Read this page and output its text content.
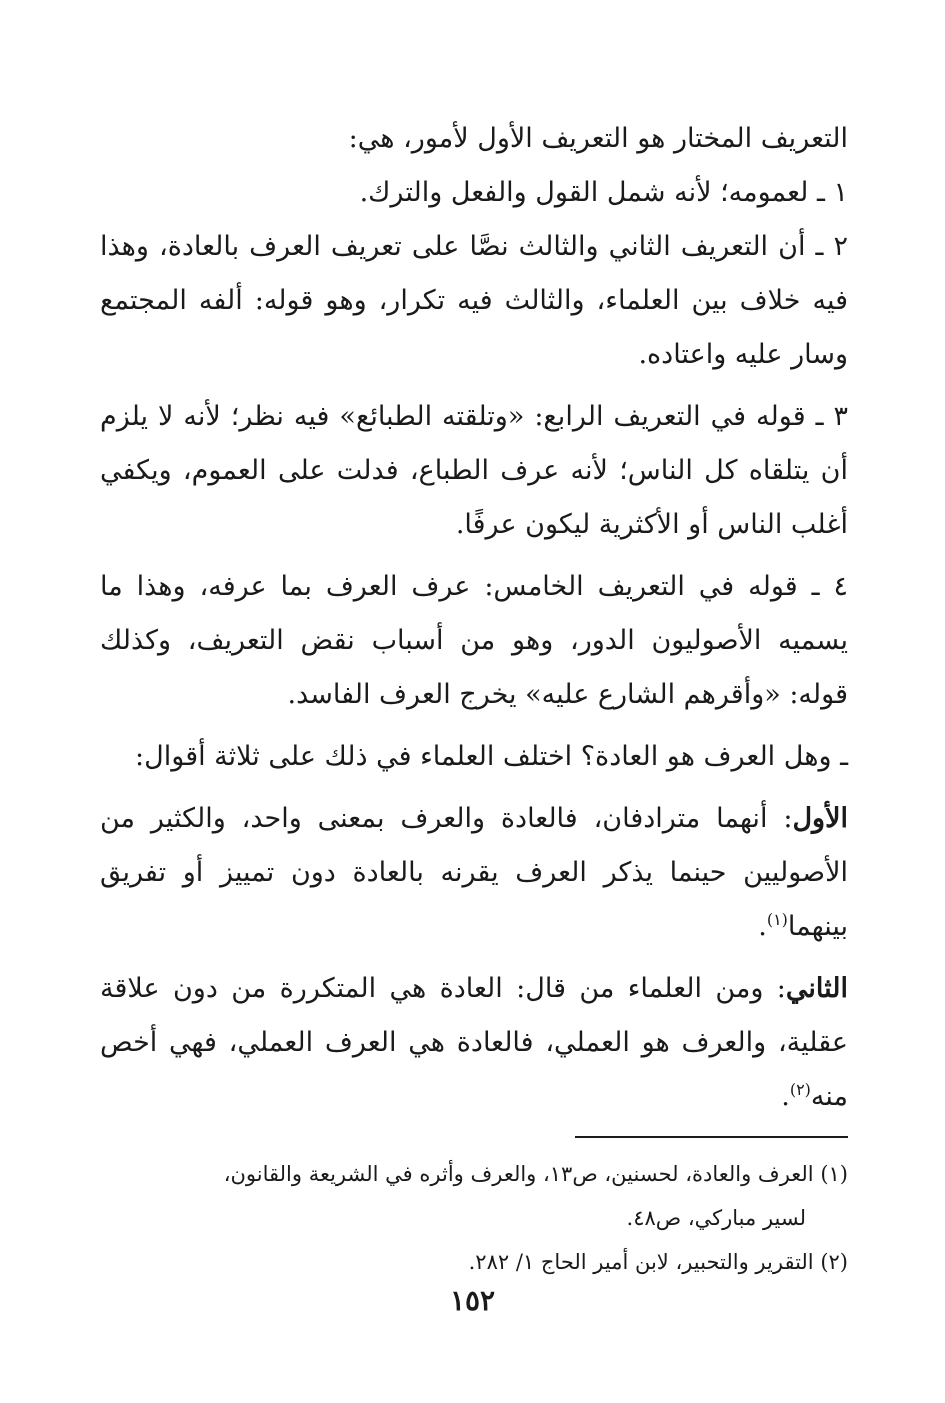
التعريف المختار هو التعريف الأول لأمور، هي:

١ ـ لعمومه؛ لأنه شمل القول والفعل والترك.

٢ ـ أن التعريف الثاني والثالث نصَّا على تعريف العرف بالعادة، وهذا فيه خلاف بين العلماء، والثالث فيه تكرار، وهو قوله: ألفه المجتمع وسار عليه واعتاده.

٣ ـ قوله في التعريف الرابع: «وتلقته الطبائع» فيه نظر؛ لأنه لا يلزم أن يتلقاه كل الناس؛ لأنه عرف الطباع، فدلت على العموم، ويكفي أغلب الناس أو الأكثرية ليكون عرفًا.

٤ ـ قوله في التعريف الخامس: عرف العرف بما عرفه، وهذا ما يسميه الأصوليون الدور، وهو من أسباب نقض التعريف، وكذلك قوله: «وأقرهم الشارع عليه» يخرج العرف الفاسد.

ـ وهل العرف هو العادة؟ اختلف العلماء في ذلك على ثلاثة أقوال:

الأول: أنهما مترادفان، فالعادة والعرف بمعنى واحد، والكثير من الأصوليين حينما يذكر العرف يقرنه بالعادة دون تمييز أو تفريق بينهما$^{(١)}$.

الثاني: ومن العلماء من قال: العادة هي المتكررة من دون علاقة عقلية، والعرف هو العملي، فالعادة هي العرف العملي، فهي أخص منه$^{(٢)}$.

(١) العرف والعادة، لحسنين، ص١٣، والعرف وأثره في الشريعة والقانون،
لسير مباركي، ص٤٨.

(٢) التقرير والتحبير، لابن أمير الحاج ١/ ٢٨٢.

١٥٢
